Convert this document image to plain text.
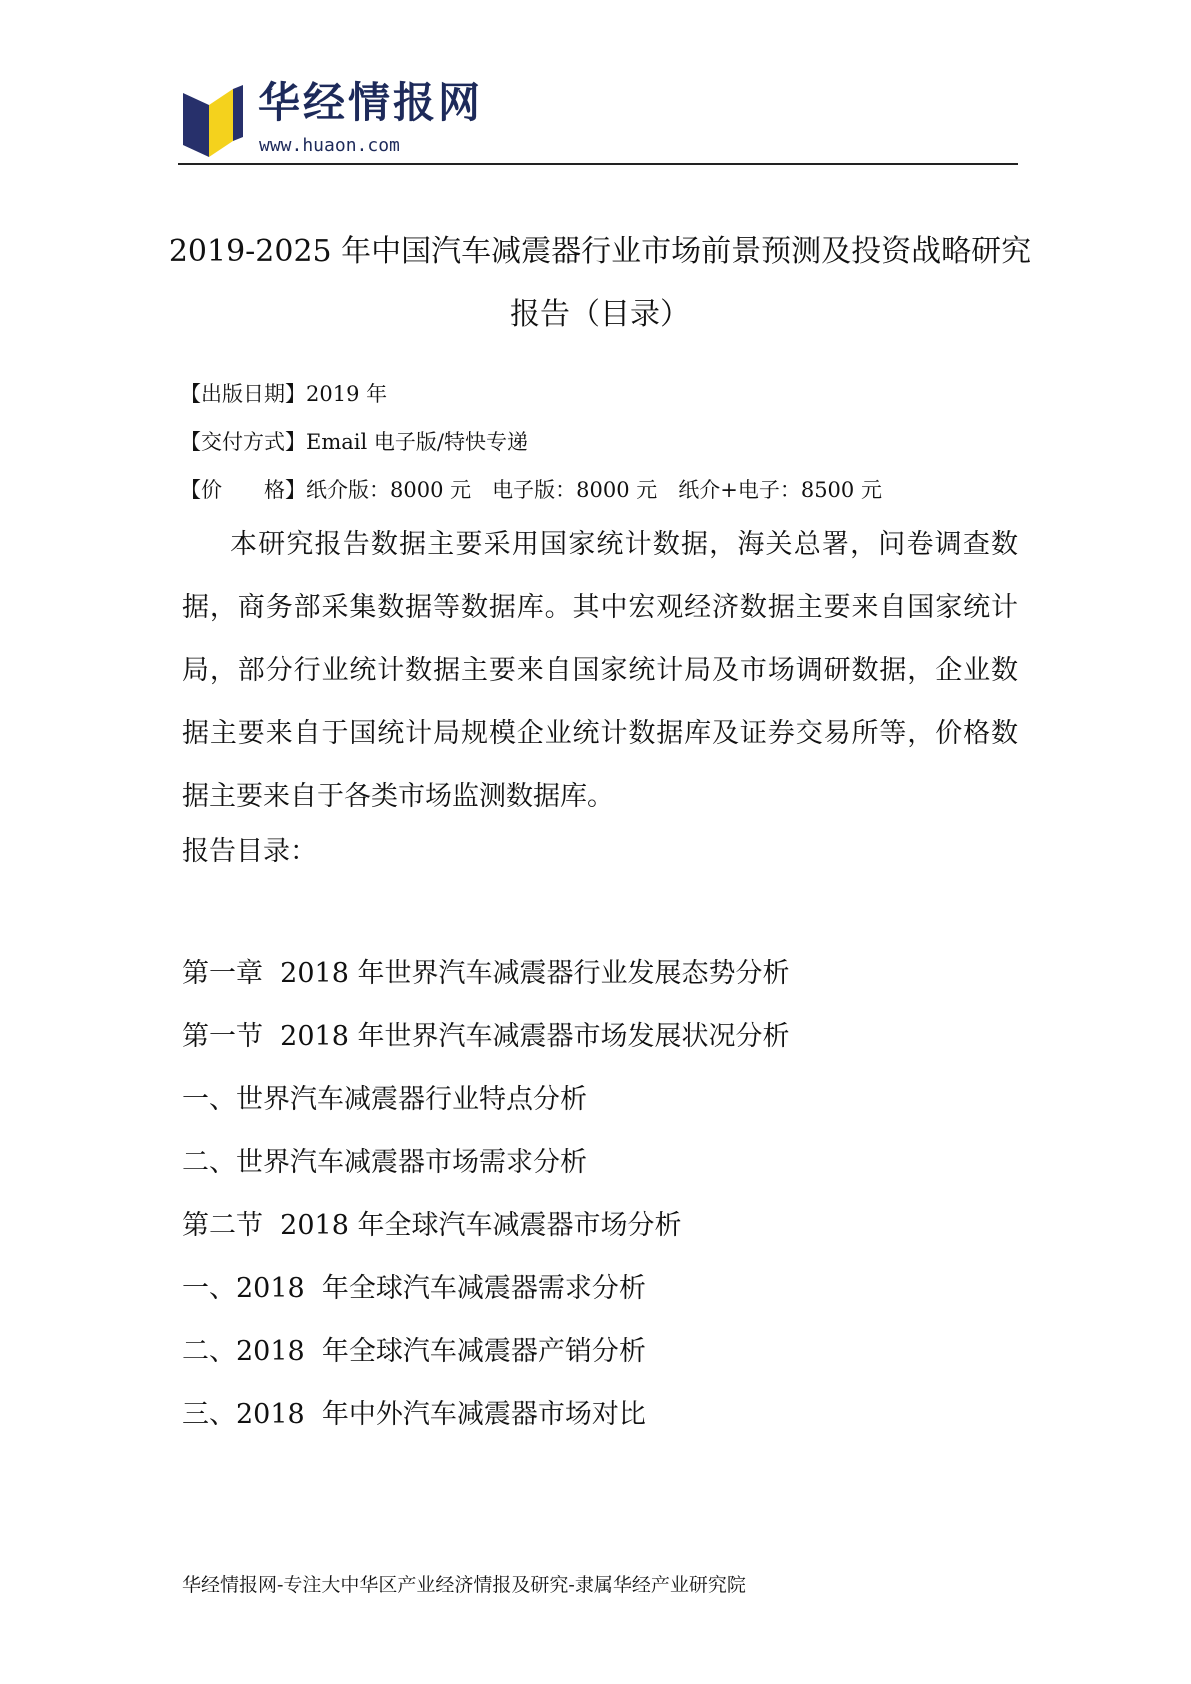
华经情报网
www.huaon.com
2019-2025 年中国汽车减震器行业市场前景预测及投资战略研究报告（目录）
【出版日期】2019 年
【交付方式】Email 电子版/特快专递
【价　　格】纸介版：8000 元　电子版：8000 元　纸介+电子：8500 元
本研究报告数据主要采用国家统计数据，海关总署，问卷调查数据，商务部采集数据等数据库。其中宏观经济数据主要来自国家统计局，部分行业统计数据主要来自国家统计局及市场调研数据，企业数据主要来自于国统计局规模企业统计数据库及证券交易所等，价格数据主要来自于各类市场监测数据库。
报告目录：
第一章  2018 年世界汽车减震器行业发展态势分析
第一节  2018 年世界汽车减震器市场发展状况分析
一、世界汽车减震器行业特点分析
二、世界汽车减震器市场需求分析
第二节  2018 年全球汽车减震器市场分析
一、2018  年全球汽车减震器需求分析
二、2018  年全球汽车减震器产销分析
三、2018  年中外汽车减震器市场对比
华经情报网-专注大中华区产业经济情报及研究-隶属华经产业研究院
